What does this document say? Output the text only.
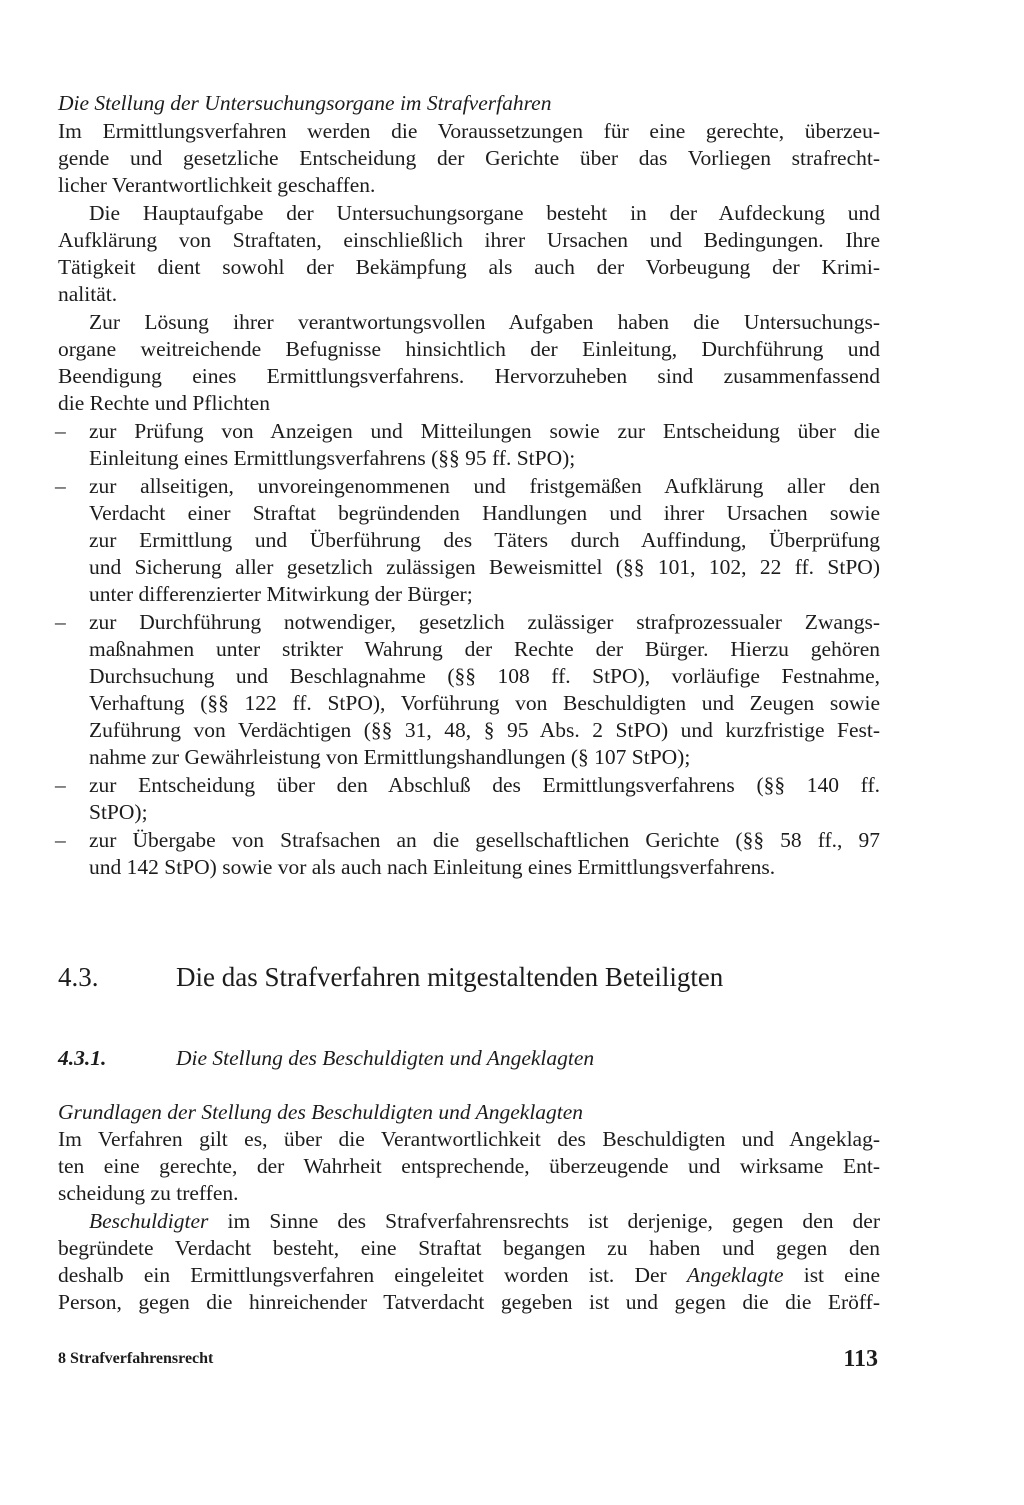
Die Stellung der Untersuchungsorgane im Strafverfahren
Im Ermittlungsverfahren werden die Voraussetzungen für eine gerechte, überzeu-
gende und gesetzliche Entscheidung der Gerichte über das Vorliegen strafrecht-
licher Verantwortlichkeit geschaffen.
Die Hauptaufgabe der Untersuchungsorgane besteht in der Aufdeckung und
Aufklärung von Straftaten, einschließlich ihrer Ursachen und Bedingungen. Ihre
Tätigkeit dient sowohl der Bekämpfung als auch der Vorbeugung der Krimi-
nalität.
Zur Lösung ihrer verantwortungsvollen Aufgaben haben die Untersuchungs-
organe weitreichende Befugnisse hinsichtlich der Einleitung, Durchführung und
Beendigung eines Ermittlungsverfahrens. Hervorzuheben sind zusammenfassend
die Rechte und Pflichten
– zur Prüfung von Anzeigen und Mitteilungen sowie zur Entscheidung über die
Einleitung eines Ermittlungsverfahrens (§§ 95 ff. StPO);
– zur allseitigen, unvoreingenommenen und fristgemäßen Aufklärung aller den
Verdacht einer Straftat begründenden Handlungen und ihrer Ursachen sowie
zur Ermittlung und Überführung des Täters durch Auffindung, Überprüfung
und Sicherung aller gesetzlich zulässigen Beweismittel (§§ 101, 102, 22 ff. StPO)
unter differenzierter Mitwirkung der Bürger;
– zur Durchführung notwendiger, gesetzlich zulässiger strafprozessualer Zwangs-
maßnahmen unter strikter Wahrung der Rechte der Bürger. Hierzu gehören
Durchsuchung und Beschlagnahme (§§ 108 ff. StPO), vorläufige Festnahme,
Verhaftung (§§ 122 ff. StPO), Vorführung von Beschuldigten und Zeugen sowie
Zuführung von Verdächtigen (§§ 31, 48, § 95 Abs. 2 StPO) und kurzfristige Fest-
nahme zur Gewährleistung von Ermittlungshandlungen (§ 107 StPO);
– zur Entscheidung über den Abschluß des Ermittlungsverfahrens (§§ 140 ff.
StPO);
– zur Übergabe von Strafsachen an die gesellschaftlichen Gerichte (§§ 58 ff., 97
und 142 StPO) sowie vor als auch nach Einleitung eines Ermittlungsverfahrens.
4.3.	Die das Strafverfahren mitgestaltenden Beteiligten
4.3.1.	Die Stellung des Beschuldigten und Angeklagten
Grundlagen der Stellung des Beschuldigten und Angeklagten
Im Verfahren gilt es, über die Verantwortlichkeit des Beschuldigten und Angeklag-
ten eine gerechte, der Wahrheit entsprechende, überzeugende und wirksame Ent-
scheidung zu treffen.
Beschuldigter im Sinne des Strafverfahrensrechts ist derjenige, gegen den der
begründete Verdacht besteht, eine Straftat begangen zu haben und gegen den
deshalb ein Ermittlungsverfahren eingeleitet worden ist. Der Angeklagte ist eine
Person, gegen die hinreichender Tatverdacht gegeben ist und gegen die die Eröff-
8 Strafverfahrensrecht	113
